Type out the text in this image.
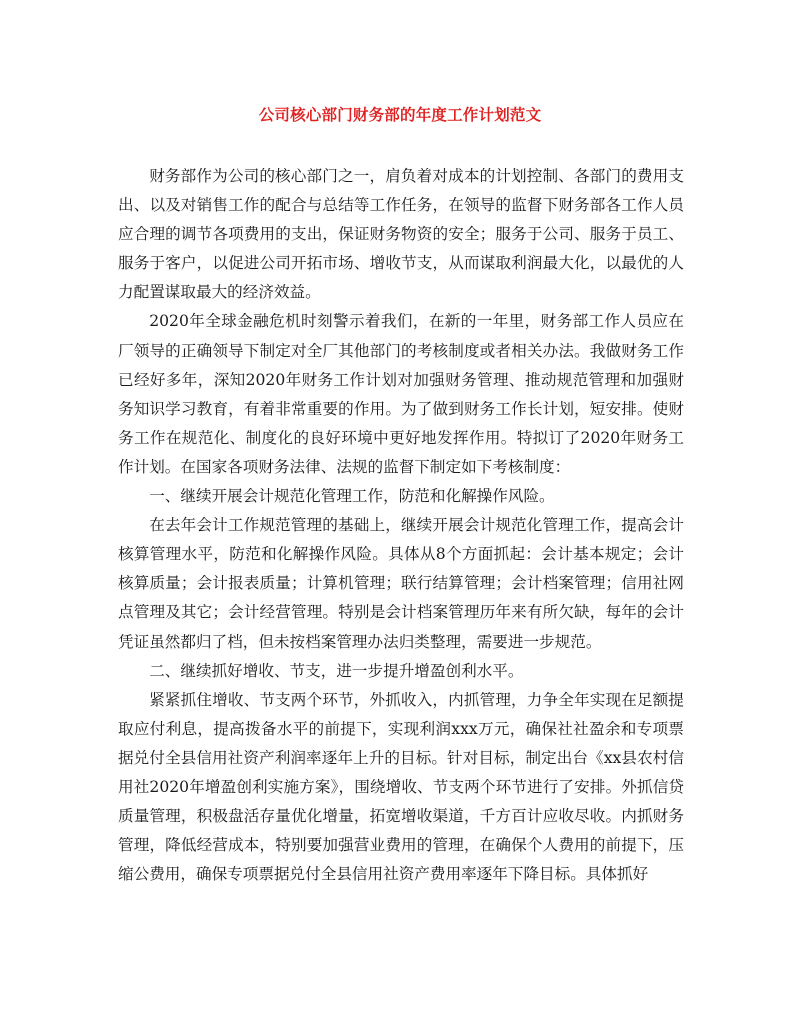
公司核心部门财务部的年度工作计划范文

财务部作为公司的核心部门之一，肩负着对成本的计划控制、各部门的费用支出、以及对销售工作的配合与总结等工作任务，在领导的监督下财务部各工作人员应合理的调节各项费用的支出，保证财务物资的安全；服务于公司、服务于员工、服务于客户，以促进公司开拓市场、增收节支，从而谋取利润最大化，以最优的人力配置谋取最大的经济效益。

2020年全球金融危机时刻警示着我们，在新的一年里，财务部工作人员应在厂领导的正确领导下制定对全厂其他部门的考核制度或者相关办法。我做财务工作已经好多年，深知2020年财务工作计划对加强财务管理、推动规范管理和加强财务知识学习教育，有着非常重要的作用。为了做到财务工作长计划，短安排。使财务工作在规范化、制度化的良好环境中更好地发挥作用。特拟订了2020年财务工作计划。在国家各项财务法律、法规的监督下制定如下考核制度：

一、继续开展会计规范化管理工作，防范和化解操作风险。

在去年会计工作规范管理的基础上，继续开展会计规范化管理工作，提高会计核算管理水平，防范和化解操作风险。具体从8个方面抓起：会计基本规定；会计核算质量；会计报表质量；计算机管理；联行结算管理；会计档案管理；信用社网点管理及其它；会计经营管理。特别是会计档案管理历年来有所欠缺，每年的会计凭证虽然都归了档，但未按档案管理办法归类整理，需要进一步规范。

二、继续抓好增收、节支，进一步提升增盈创利水平。

紧紧抓住增收、节支两个环节，外抓收入，内抓管理，力争全年实现在足额提取应付利息，提高拨备水平的前提下，实现利润xxx万元，确保社社盈余和专项票据兑付全县信用社资产利润率逐年上升的目标。针对目标，制定出台《xx县农村信用社2020年增盈创利实施方案》，围绕增收、节支两个环节进行了安排。外抓信贷质量管理，积极盘活存量优化增量，拓宽增收渠道，千方百计应收尽收。内抓财务管理，降低经营成本，特别要加强营业费用的管理，在确保个人费用的前提下，压缩公费用，确保专项票据兑付全县信用社资产费用率逐年下降目标。具体抓好
